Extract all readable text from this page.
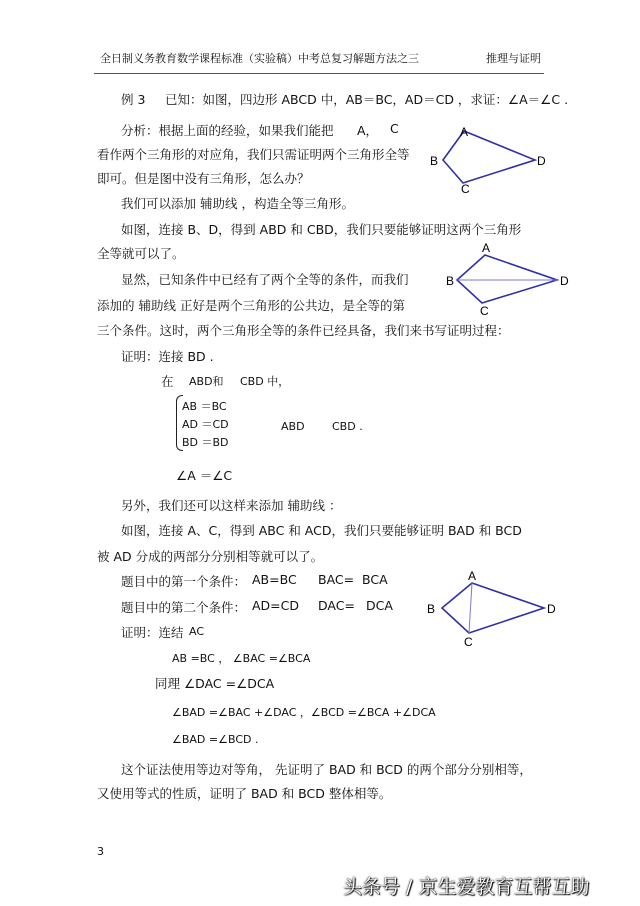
全日制义务教育数学课程标准（实验稿）中考总复习解题方法之三	推理与证明
例 3 已知：如图，四边形 ABCD 中，AB＝BC，AD＝CD ，求证：∠A＝∠C .
分析：根据上面的经验，如果我们能把 A， C
看作两个三角形的对应角，我们只需证明两个三角形全等
即可。但是图中没有三角形，怎么办？
我们可以添加 辅助线 ，构造全等三角形。
如图，连接 B、D，得到 ABD 和 CBD，我们只要能够证明这两个三角形
全等就可以了。
显然，已知条件中已经有了两个全等的条件，而我们
添加的 辅助线 正好是两个三角形的公共边，是全等的第
三个条件。这时，两个三角形全等的条件已经具备，我们来书写证明过程：
证明：连接 BD .
在 ABD和 CBD 中，
AB ＝BC
AD ＝CD
BD ＝BD
ABD CBD .
∠A ＝∠C
另外，我们还可以这样来添加 辅助线 ：
如图，连接 A、C，得到 ABC 和 ACD，我们只要能够证明 BAD 和 BCD
被 AD 分成的两部分分别相等就可以了。
题目中的第一个条件： AB=BC BAC= BCA
题目中的第二个条件： AD=CD DAC= DCA
证明：连结 AC
AB =BC ， ∠BAC =∠BCA
同理 ∠DAC =∠DCA
∠BAD =∠BAC +∠DAC ，∠BCD =∠BCA +∠DCA
∠BAD =∠BCD .
这个证法使用等边对等角， 先证明了 BAD 和 BCD 的两个部分分别相等，
又使用等式的性质，证明了 BAD 和 BCD 整体相等。
3
头条号 / 京生爱教育互帮互助
A
B
C
D
A
B
C
D
A
B
C
D
